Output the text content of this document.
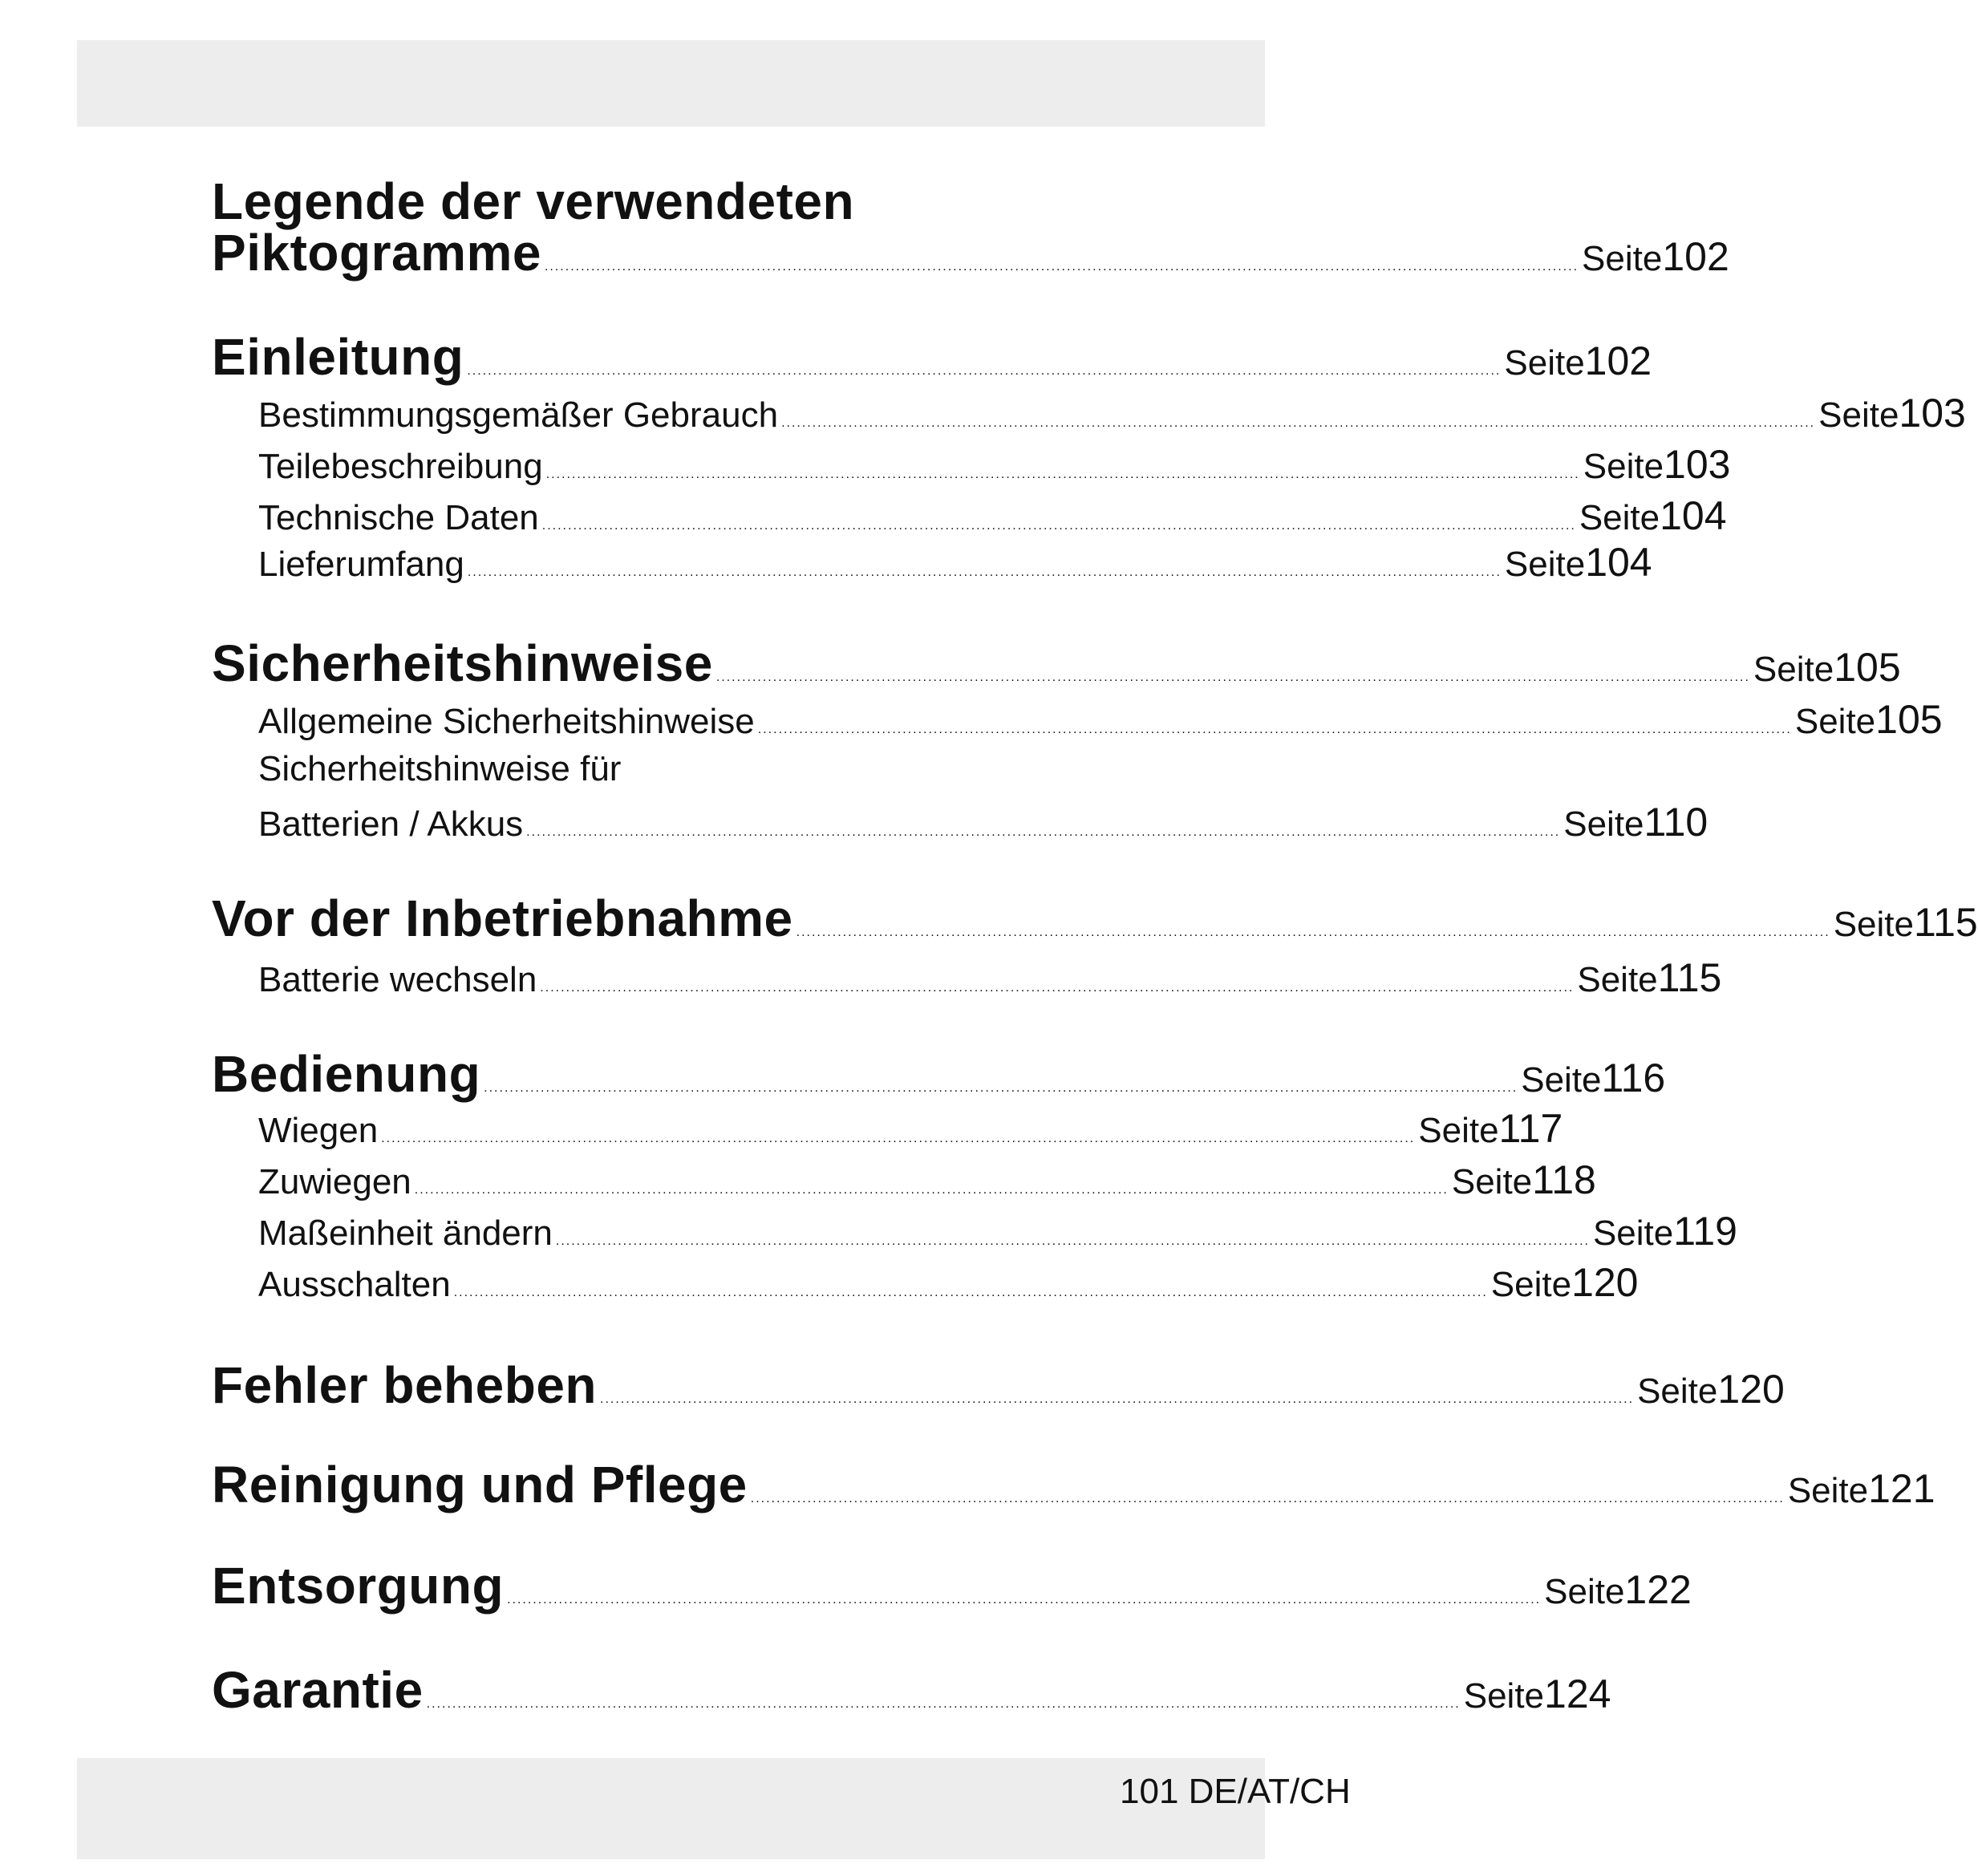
Legende der verwendeten
Piktogramme ........................................................................................................................................................................................................ Seite 102
Einleitung ........................................................................................................................................................................................................ Seite 102
Bestimmungsgemäßer Gebrauch ........................................................................................................................................................................................................ Seite 103
Teilebeschreibung ........................................................................................................................................................................................................ Seite 103
Technische Daten ........................................................................................................................................................................................................ Seite 104
Lieferumfang ........................................................................................................................................................................................................ Seite 104
Sicherheitshinweise ........................................................................................................................................................................................................ Seite 105
Allgemeine Sicherheitshinweise ........................................................................................................................................................................................................ Seite 105
Sicherheitshinweise für
Batterien / Akkus ........................................................................................................................................................................................................ Seite 110
Vor der Inbetriebnahme ........................................................................................................................................................................................................ Seite 115
Batterie wechseln ........................................................................................................................................................................................................ Seite 115
Bedienung ........................................................................................................................................................................................................ Seite 116
Wiegen ........................................................................................................................................................................................................ Seite 117
Zuwiegen ........................................................................................................................................................................................................ Seite 118
Maßeinheit ändern ........................................................................................................................................................................................................ Seite 119
Ausschalten ........................................................................................................................................................................................................ Seite 120
Fehler beheben ........................................................................................................................................................................................................ Seite 120
Reinigung und Pflege ........................................................................................................................................................................................................ Seite 121
Entsorgung ........................................................................................................................................................................................................ Seite 122
Garantie ........................................................................................................................................................................................................ Seite 124
101 DE/AT/CH
